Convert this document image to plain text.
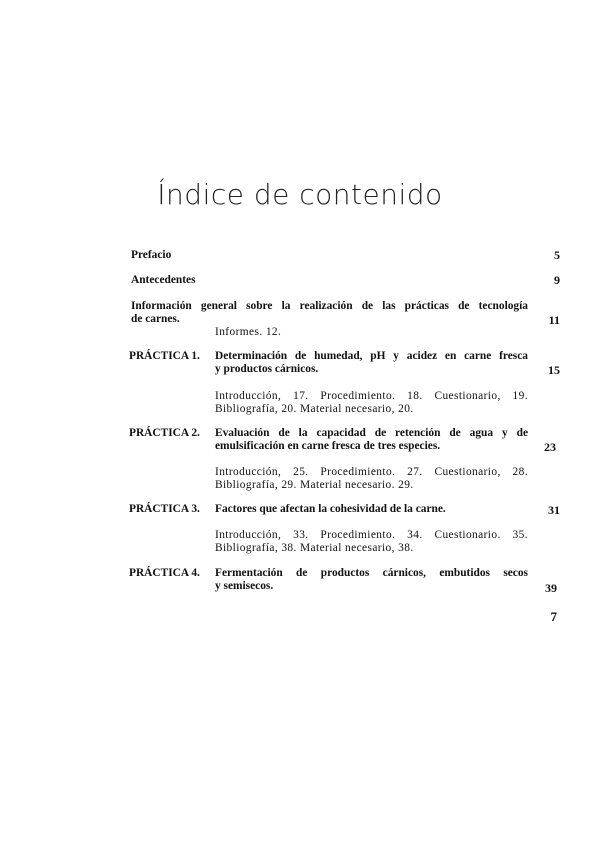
Índice de contenido
Prefacio	5
Antecedentes	9
Información general sobre la realización de las prácticas de tecnología
de carnes.	11
Informes. 12.
PRÁCTICA 1. Determinación de humedad, pH y acidez en carne fresca
y productos cárnicos.	15
Introducción, 17. Procedimiento. 18. Cuestionario, 19.
Bibliografía, 20. Material necesario, 20.
PRÁCTICA 2. Evaluación de la capacidad de retención de agua y de
emulsificación en carne fresca de tres especies.	23
Introducción, 25. Procedimiento. 27. Cuestionario, 28.
Bibliografía, 29. Material necesario. 29.
PRÁCTICA 3. Factores que afectan la cohesividad de la carne.	31
Introducción, 33. Procedimiento. 34. Cuestionario. 35.
Bibliografía, 38. Material necesario, 38.
PRÁCTICA 4. Fermentación de productos cárnicos, embutidos secos
y semisecos.	39
7
